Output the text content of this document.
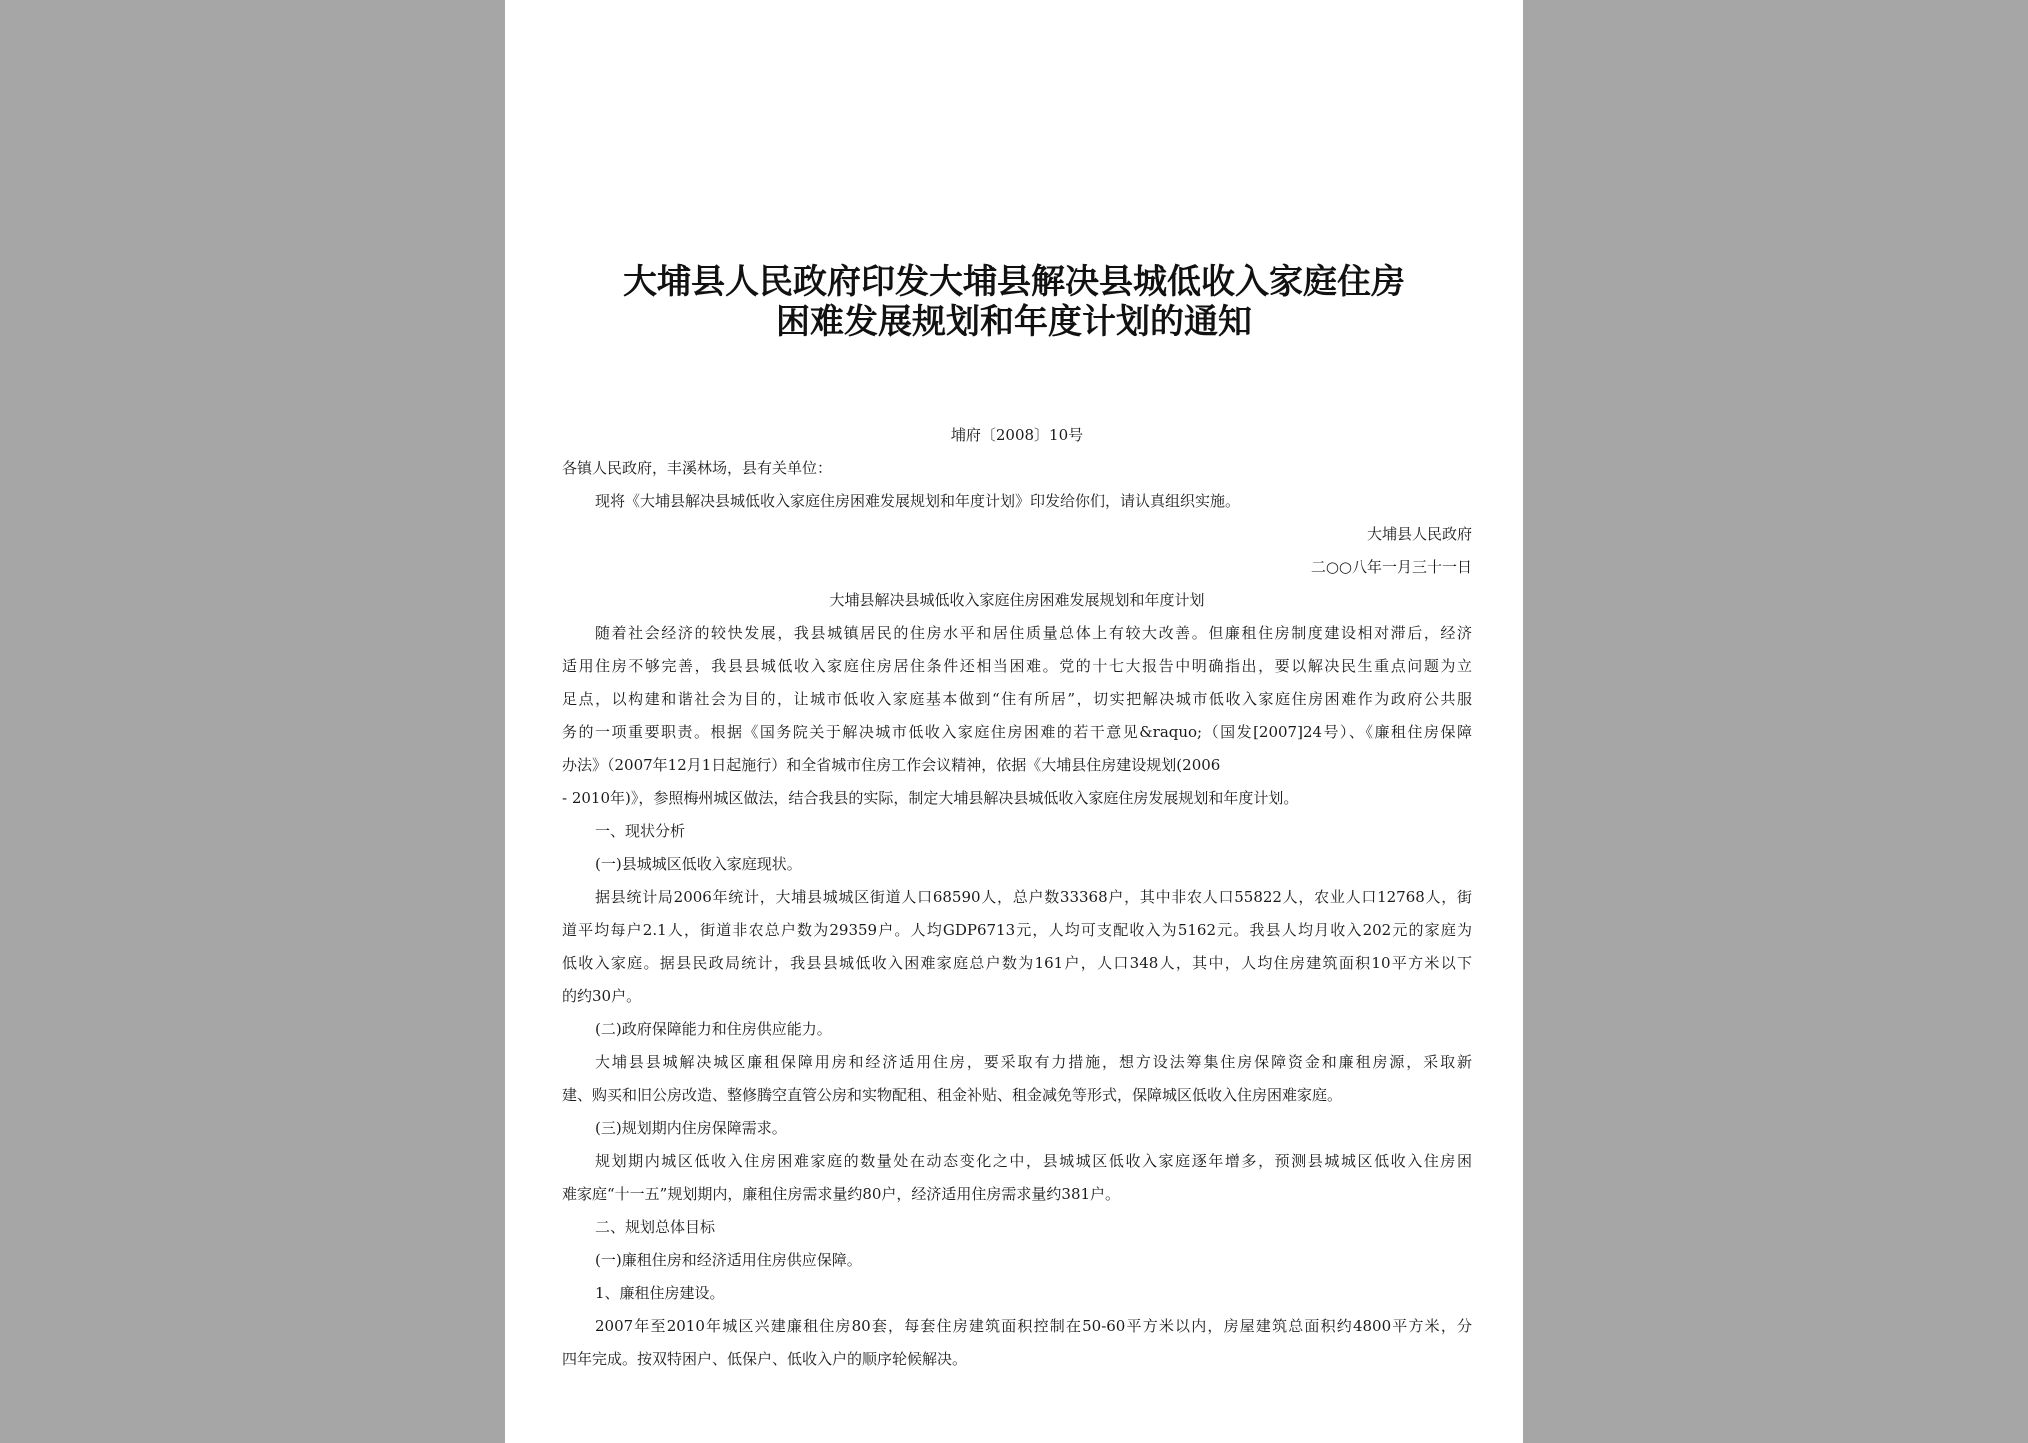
大埔县人民政府印发大埔县解决县城低收入家庭住房
困难发展规划和年度计划的通知
埔府〔2008〕10号
各镇人民政府，丰溪林场，县有关单位：
现将《大埔县解决县城低收入家庭住房困难发展规划和年度计划》印发给你们，请认真组织实施。
大埔县人民政府
二○○八年一月三十一日
大埔县解决县城低收入家庭住房困难发展规划和年度计划
随着社会经济的较快发展，我县城镇居民的住房水平和居住质量总体上有较大改善。但廉租住房制度建设相对滞后，经济
适用住房不够完善，我县县城低收入家庭住房居住条件还相当困难。党的十七大报告中明确指出，要以解决民生重点问题为立
足点，以构建和谐社会为目的，让城市低收入家庭基本做到“住有所居”，切实把解决城市低收入家庭住房困难作为政府公共服
务的一项重要职责。根据《国务院关于解决城市低收入家庭住房困难的若干意见&raquo;（国发[2007]24号）、《廉租住房保障
办法》（2007年12月1日起施行）和全省城市住房工作会议精神，依据《大埔县住房建设规划(2006
- 2010年)》，参照梅州城区做法，结合我县的实际，制定大埔县解决县城低收入家庭住房发展规划和年度计划。
一、现状分析
(一)县城城区低收入家庭现状。
据县统计局2006年统计，大埔县城城区街道人口68590人，总户数33368户，其中非农人口55822人，农业人口12768人，街
道平均每户2.1人，街道非农总户数为29359户。人均GDP6713元，人均可支配收入为5162元。我县人均月收入202元的家庭为
低收入家庭。据县民政局统计，我县县城低收入困难家庭总户数为161户，人口348人，其中，人均住房建筑面积10平方米以下
的约30户。
(二)政府保障能力和住房供应能力。
大埔县县城解决城区廉租保障用房和经济适用住房，要采取有力措施，想方设法筹集住房保障资金和廉租房源，采取新
建、购买和旧公房改造、整修腾空直管公房和实物配租、租金补贴、租金减免等形式，保障城区低收入住房困难家庭。
(三)规划期内住房保障需求。
规划期内城区低收入住房困难家庭的数量处在动态变化之中，县城城区低收入家庭逐年增多，预测县城城区低收入住房困
难家庭“十一五”规划期内，廉租住房需求量约80户，经济适用住房需求量约381户。
二、规划总体目标
(一)廉租住房和经济适用住房供应保障。
1、廉租住房建设。
2007年至2010年城区兴建廉租住房80套，每套住房建筑面积控制在50-60平方米以内，房屋建筑总面积约4800平方米，分
四年完成。按双特困户、低保户、低收入户的顺序轮候解决。
